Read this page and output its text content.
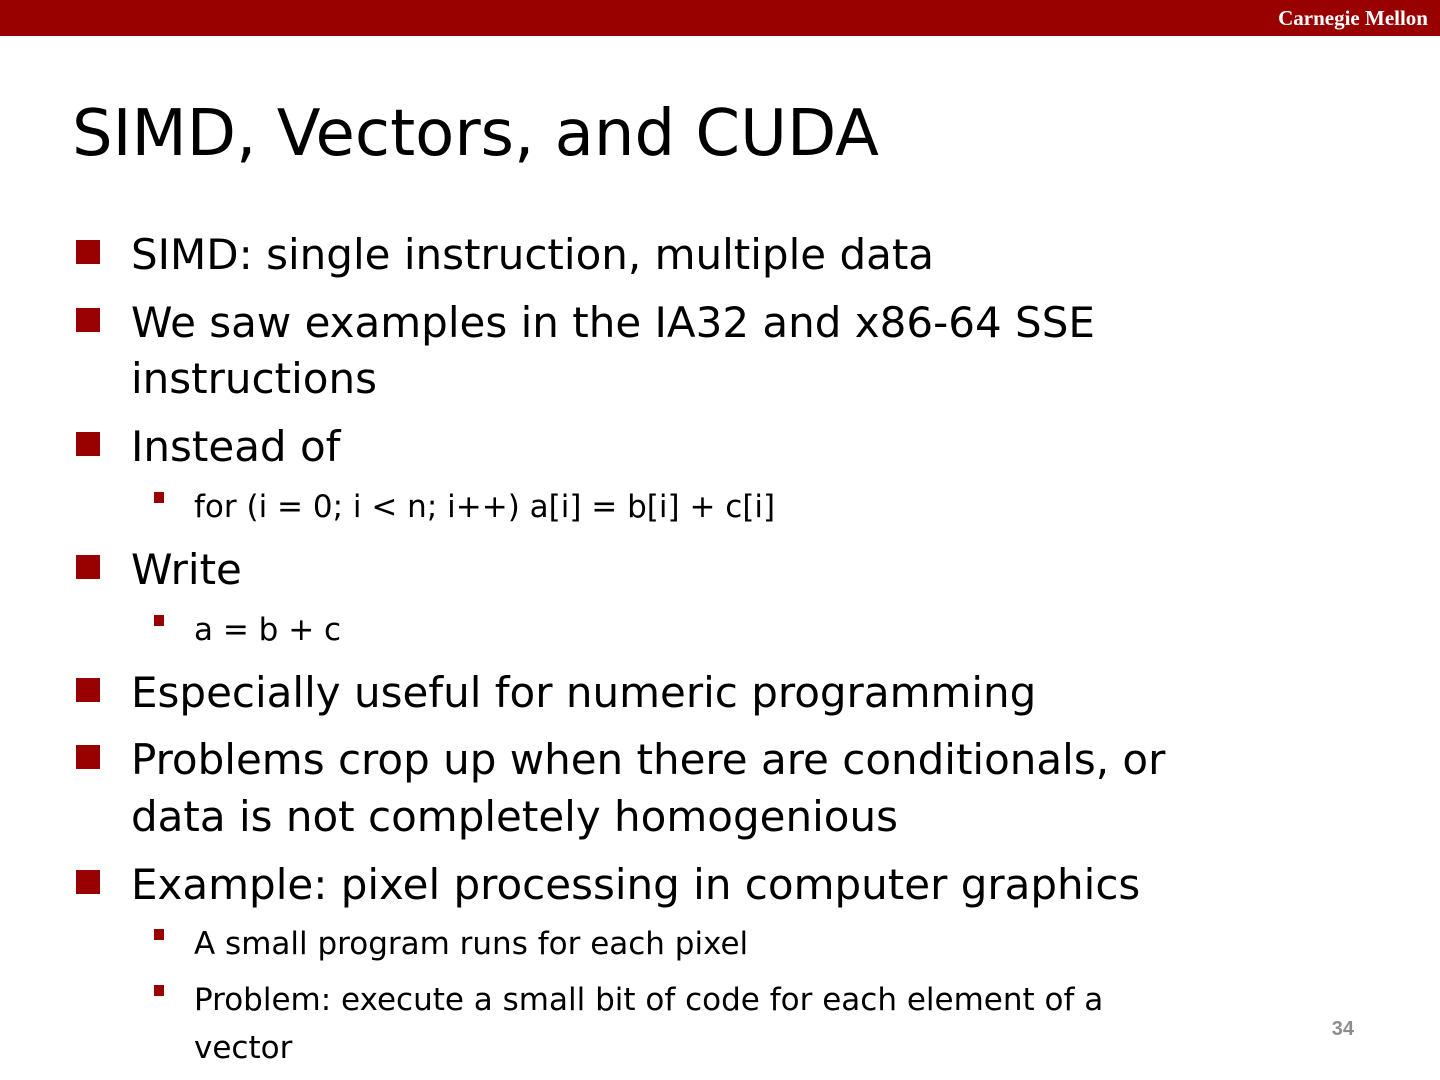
Carnegie Mellon
SIMD, Vectors, and CUDA
SIMD: single instruction, multiple data
We saw examples in the IA32 and x86-64 SSE
instructions
Instead of
for (i = 0; i < n; i++) a[i] = b[i] + c[i]
Write
a = b + c
Especially useful for numeric programming
Problems crop up when there are conditionals, or
data is not completely homogenious
Example: pixel processing in computer graphics
A small program runs for each pixel
Problem: execute a small bit of code for each element of a
vector
34
